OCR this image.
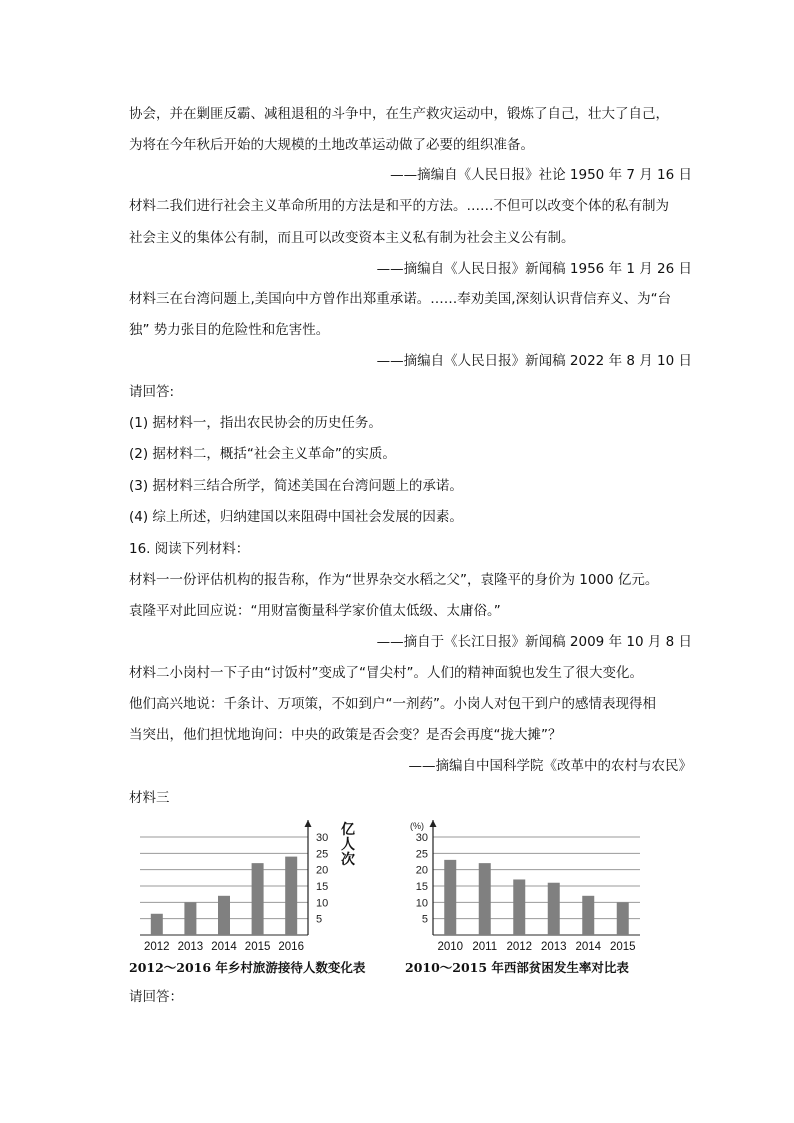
协会，并在剿匪反霸、减租退租的斗争中，在生产救灾运动中，锻炼了自己，壮大了自己，
为将在今年秋后开始的大规模的土地改革运动做了必要的组织准备。
——摘编自《人民日报》社论 1950 年 7 月 16 日
材料二我们进行社会主义革命所用的方法是和平的方法。……不但可以改变个体的私有制为
社会主义的集体公有制，而且可以改变资本主义私有制为社会主义公有制。
——摘编自《人民日报》新闻稿 1956 年 1 月 26 日
材料三在台湾问题上,美国向中方曾作出郑重承诺。……奉劝美国,深刻认识背信弃义、为“台
独” 势力张目的危险性和危害性。
——摘编自《人民日报》新闻稿 2022 年 8 月 10 日
请回答:
(1) 据材料一，指出农民协会的历史任务。
(2) 据材料二，概括“社会主义革命”的实质。
(3) 据材料三结合所学，简述美国在台湾问题上的承诺。
(4) 综上所述，归纳建国以来阻碍中国社会发展的因素。
16. 阅读下列材料：
材料一一份评估机构的报告称，作为“世界杂交水稻之父”，袁隆平的身价为 1000 亿元。
袁隆平对此回应说：“用财富衡量科学家价值太低级、太庸俗。”
——摘自于《长江日报》新闻稿 2009 年 10 月 8 日
材料二小岗村一下子由“讨饭村”变成了“冒尖村”。人们的精神面貌也发生了很大变化。
他们高兴地说：千条计、万项策，不如到户“一剂药”。小岗人对包干到户的感情表现得相
当突出，他们担忧地询问：中央的政策是否会变？是否会再度“拢大摊”？
——摘编自中国科学院《改革中的农村与农民》
材料三
5
10
15
20
25
30
2012 2013 2014 2015 2016
亿
人
次
2012～2016 年乡村旅游接待人数变化表
5
10
15
20
25
30
2010 2011 2012 2013 2014 2015
(%)
2010～2015 年西部贫困发生率对比表
请回答：
